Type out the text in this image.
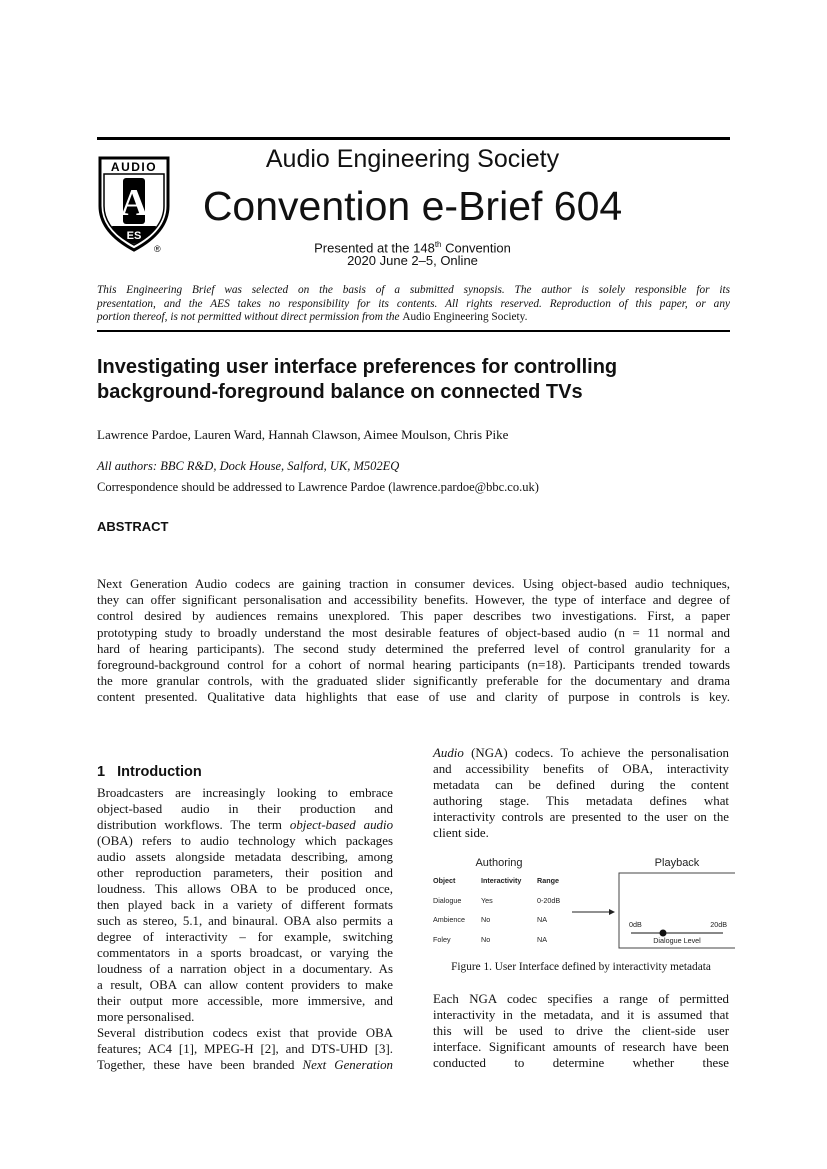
AUDIO
A
ES
®
Audio Engineering Society
Convention e-Brief 604
Presented at the 148th Convention
2020 June 2–5, Online
This Engineering Brief was selected on the basis of a submitted synopsis. The author is solely responsible for its
presentation, and the AES takes no responsibility for its contents. All rights reserved. Reproduction of this paper, or any
portion thereof, is not permitted without direct permission from the Audio Engineering Society.
Investigating user interface preferences for controlling
background-foreground balance on connected TVs
Lawrence Pardoe, Lauren Ward, Hannah Clawson, Aimee Moulson, Chris Pike
All authors: BBC R&D, Dock House, Salford, UK, M502EQ
Correspondence should be addressed to Lawrence Pardoe (lawrence.pardoe@bbc.co.uk)
ABSTRACT
Next Generation Audio codecs are gaining traction in consumer devices. Using object-based audio techniques,
they can offer significant personalisation and accessibility benefits. However, the type of interface and degree of
control desired by audiences remains unexplored. This paper describes two investigations. First, a paper
prototyping study to broadly understand the most desirable features of object-based audio (n = 11 normal and
hard of hearing participants). The second study determined the preferred level of control granularity for a
foreground-background control for a cohort of normal hearing participants (n=18). Participants trended towards
the more granular controls, with the graduated slider significantly preferable for the documentary and drama
content presented. Qualitative data highlights that ease of use and clarity of purpose in controls is key.
1   Introduction
Broadcasters are increasingly looking to embrace
object-based audio in their production and
distribution workflows. The term object-based audio
(OBA) refers to audio technology which packages
audio assets alongside metadata describing, among
other reproduction parameters, their position and
loudness. This allows OBA to be produced once,
then played back in a variety of different formats
such as stereo, 5.1, and binaural. OBA also permits a
degree of interactivity – for example, switching
commentators in a sports broadcast, or varying the
loudness of a narration object in a documentary. As
a result, OBA can allow content providers to make
their output more accessible, more immersive, and
more personalised.
Several distribution codecs exist that provide OBA
features; AC4 [1], MPEG-H [2], and DTS-UHD [3].
Together, these have been branded Next Generation
Audio (NGA) codecs. To achieve the personalisation
and accessibility benefits of OBA, interactivity
metadata can be defined during the content
authoring stage. This metadata defines what
interactivity controls are presented to the user on the
client side.
Authoring
Object	Interactivity Range
Dialogue	Yes	0-20dB
Ambience No	NA
Foley	No	NA
Playback
0dB	20dB
Dialogue Level
Figure 1. User Interface defined by interactivity metadata
Each NGA codec specifies a range of permitted
interactivity in the metadata, and it is assumed that
this will be used to drive the client-side user
interface. Significant amounts of research have been
conducted to determine whether these
